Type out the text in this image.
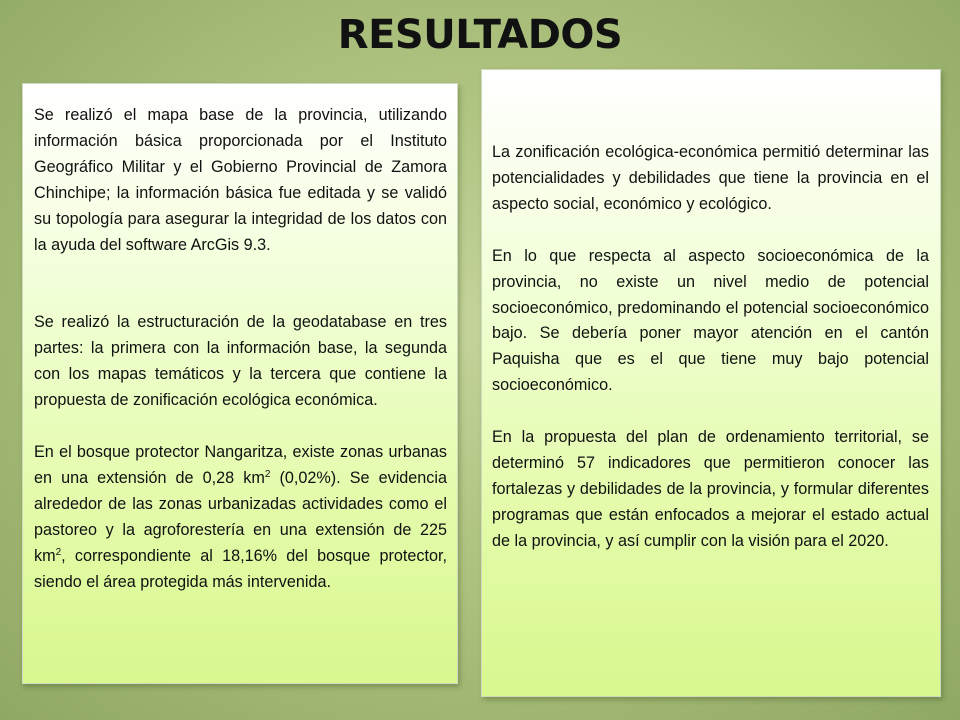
RESULTADOS

Se realizó el mapa base de la provincia, utilizando información básica proporcionada por el Instituto Geográfico Militar y el Gobierno Provincial de Zamora Chinchipe; la información básica fue editada y se validó su topología para asegurar la integridad de los datos con la ayuda del software ArcGis 9.3.

Se realizó la estructuración de la geodatabase en tres partes: la primera con la información base, la segunda con los mapas temáticos y la tercera que contiene la propuesta de zonificación ecológica económica.

En el bosque protector Nangaritza, existe zonas urbanas en una extensión de 0,28 $km^2$ (0,02%). Se evidencia alrededor de las zonas urbanizadas actividades como el pastoreo y la agroforestería en una extensión de 225 $km^2$, correspondiente al 18,16% del bosque protector, siendo el área protegida más intervenida.

La zonificación ecológica-económica permitió determinar las potencialidades y debilidades que tiene la provincia en el aspecto social, económico y ecológico.

En lo que respecta al aspecto socioeconómica de la provincia, no existe un nivel medio de potencial socioeconómico, predominando el potencial socioeconómico bajo. Se debería poner mayor atención en el cantón Paquisha que es el que tiene muy bajo potencial socioeconómico.

En la propuesta del plan de ordenamiento territorial, se determinó 57 indicadores que permitieron conocer las fortalezas y debilidades de la provincia, y formular diferentes programas que están enfocados a mejorar el estado actual de la provincia, y así cumplir con la visión para el 2020.
